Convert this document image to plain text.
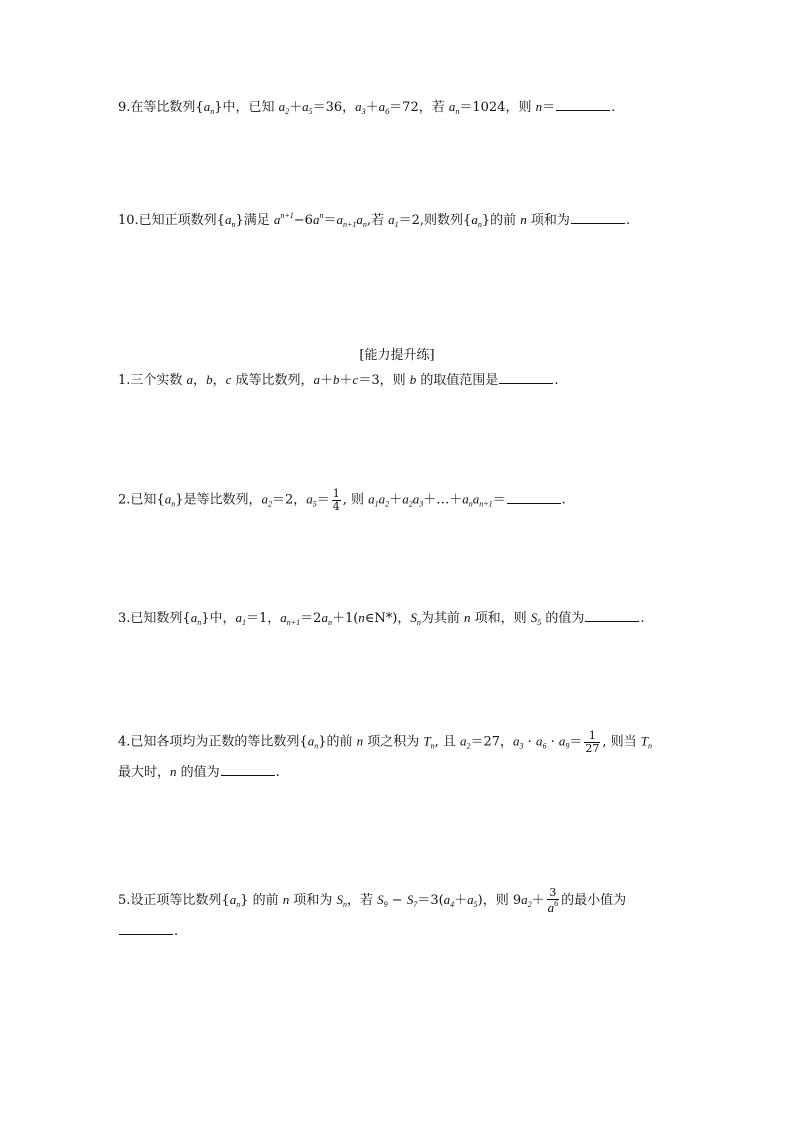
9.在等比数列$\{a_n\}$中，已知 $a_2+a_5=36$，$a_3+a_6=72$，若 $a_n=1024$，则 n＝	.
10.已知正项数列$\{a_n\}$满足 $a^{n+1}-6a^n=a_{n+1}a_n$,若 $a_1=2$,则数列$\{a_n\}$的前 n 项和为	.
[能力提升练]
1.三个实数 a，b，c 成等比数列，a＋b＋c＝3，则 b 的取值范围是	.
2.已知$\{a_n\}$是等比数列，$a_2=2$，$a_5= \frac{1}{4}$ , 则 $a_1a_2+a_2a_3+\dots+a_na_{n+1}=$	.
3.已知数列$\{a_n\}$中，$a_1=1$，$a_{n+1}=2a_n+1(n\in N*)$，$S_n$为其前 n 项和，则 $S_5$ 的值为	.
4.已知各项均为正数的等比数列$\{a_n\}$的前 n 项之积为 $T_n$, 且 $a_2=27$，$a_3 \cdot a_6 \cdot a_9= \frac{1}{27}$ , 则当 $T_n$
最大时，n 的值为	.
5.设正项等比数列$\{a_n\}$ 的前 n 项和为 $S_n$，若 $S_9 - S_7=3(a_4+a_5)$，则 $9a_2+ \frac{3}{a^6}$ 的最小值为
.
